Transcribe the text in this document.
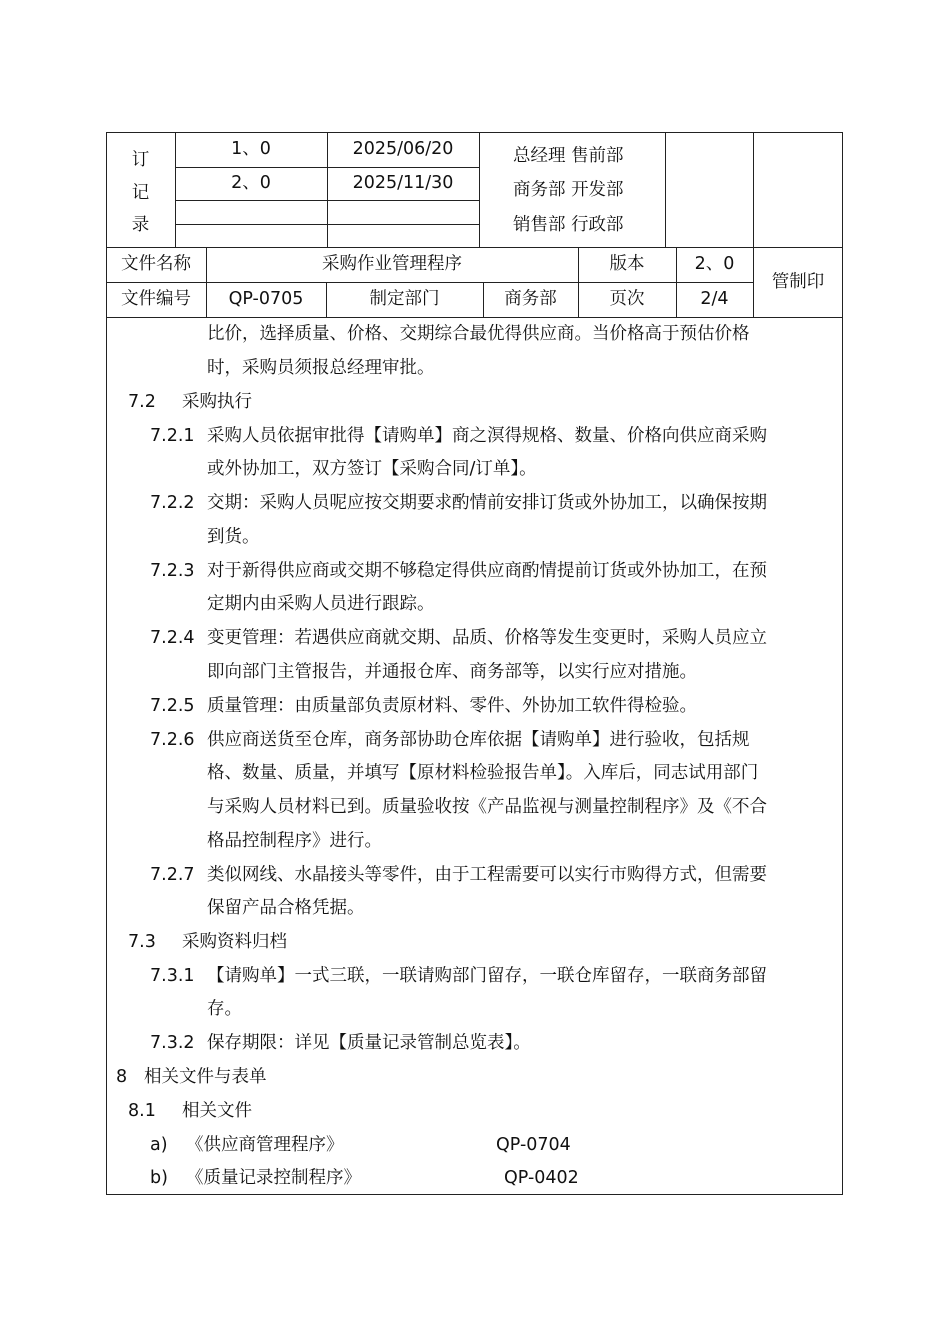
订
记
录
1、0	2025/06/20
2、0	2025/11/30
总经理 售前部
商务部 开发部
销售部 行政部
文件名称	采购作业管理程序	版本	2、0
管制印
文件编号	QP-0705	制定部门	商务部	页次	2/4
比价，选择质量、价格、交期综合最优得供应商。当价格高于预估价格
时，采购员须报总经理审批。
7.2 采购执行
7.2.1 采购人员依据审批得【请购单】商之溟得规格、数量、价格向供应商采购
或外协加工，双方签订【采购合同/订单】。
7.2.2 交期：采购人员呢应按交期要求酌情前安排订货或外协加工，以确保按期
到货。
7.2.3 对于新得供应商或交期不够稳定得供应商酌情提前订货或外协加工，在预
定期内由采购人员进行跟踪。
7.2.4 变更管理：若遇供应商就交期、品质、价格等发生变更时，采购人员应立
即向部门主管报告，并通报仓库、商务部等，以实行应对措施。
7.2.5 质量管理：由质量部负责原材料、零件、外协加工软件得检验。
7.2.6 供应商送货至仓库，商务部协助仓库依据【请购单】进行验收，包括规
格、数量、质量，并填写【原材料检验报告单】。入库后，同志试用部门
与采购人员材料已到。质量验收按《产品监视与测量控制程序》及《不合
格品控制程序》进行。
7.2.7 类似网线、水晶接头等零件，由于工程需要可以实行市购得方式，但需要
保留产品合格凭据。
7.3 采购资料归档
7.3.1 【请购单】一式三联，一联请购部门留存，一联仓库留存，一联商务部留
存。
7.3.2 保存期限：详见【质量记录管制总览表】。
8 相关文件与表单
8.1 相关文件
a) 《供应商管理程序》	QP-0704
b) 《质量记录控制程序》	QP-0402
